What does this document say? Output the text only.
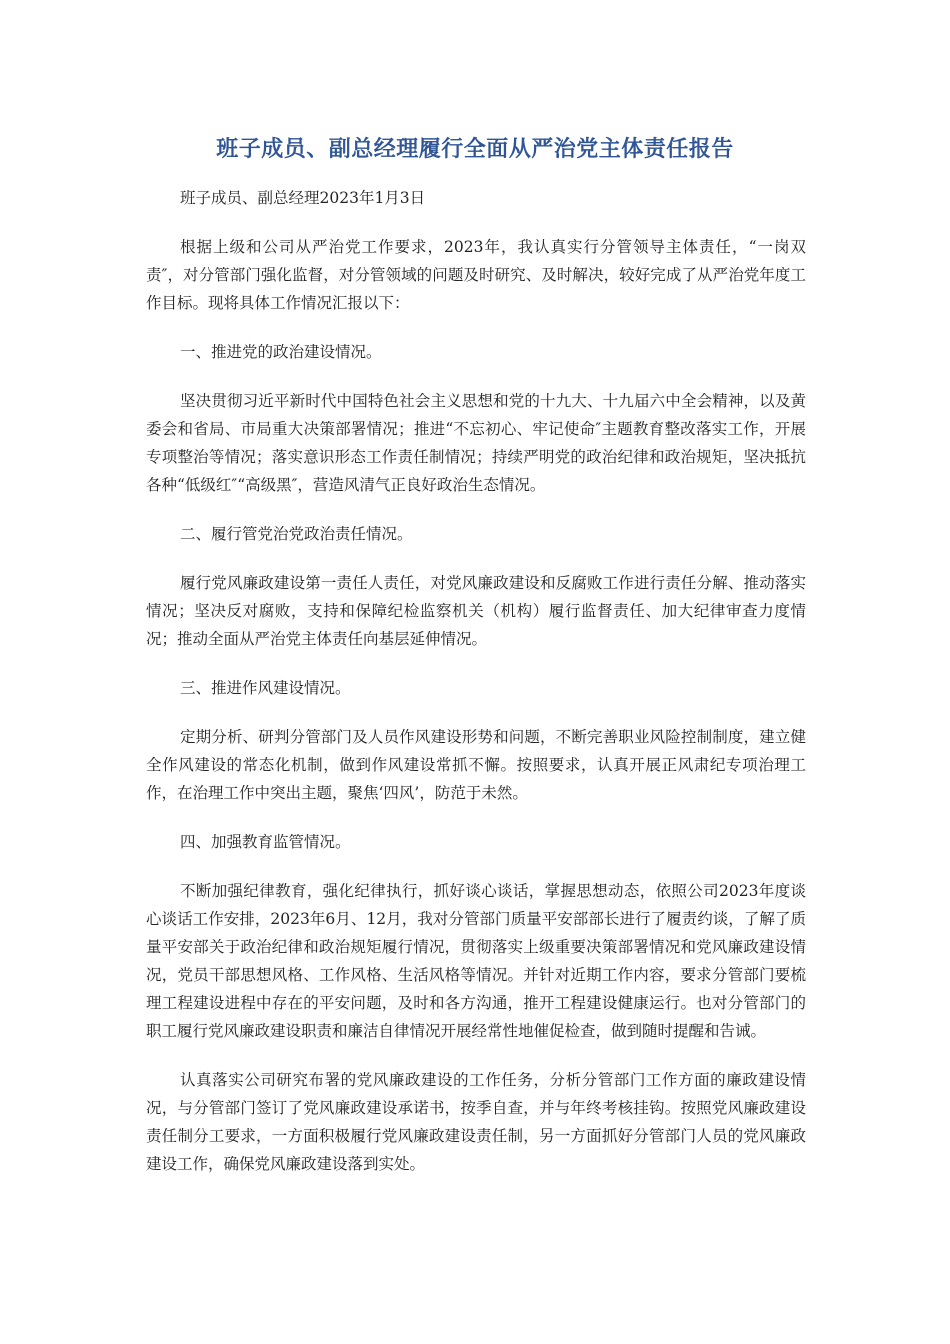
班子成员、副总经理履行全面从严治党主体责任报告

班子成员、副总经理2023年1月3日

根据上级和公司从严治党工作要求，2023年，我认真实行分管领导主体责任，“一岗双责″，对分管部门强化监督，对分管领域的问题及时研究、及时解决，较好完成了从严治党年度工作目标。现将具体工作情况汇报以下：

一、推进党的政治建设情况。

坚决贯彻习近平新时代中国特色社会主义思想和党的十九大、十九届六中全会精神，以及黄委会和省局、市局重大决策部署情况；推进“不忘初心、牢记使命″主题教育整改落实工作，开展专项整治等情况；落实意识形态工作责任制情况；持续严明党的政治纪律和政治规矩，坚决抵抗各种“低级红″“高级黑″，营造风清气正良好政治生态情况。

二、履行管党治党政治责任情况。

履行党风廉政建设第一责任人责任，对党风廉政建设和反腐败工作进行责任分解、推动落实情况；坚决反对腐败，支持和保障纪检监察机关（机构）履行监督责任、加大纪律审查力度情况；推动全面从严治党主体责任向基层延伸情况。

三、推进作风建设情况。

定期分析、研判分管部门及人员作风建设形势和问题，不断完善职业风险控制制度，建立健全作风建设的常态化机制，做到作风建设常抓不懈。按照要求，认真开展正风肃纪专项治理工作，在治理工作中突出主题，聚焦‘四风’，防范于未然。

四、加强教育监管情况。

不断加强纪律教育，强化纪律执行，抓好谈心谈话，掌握思想动态，依照公司2023年度谈心谈话工作安排，2023年6月、12月，我对分管部门质量平安部部长进行了履责约谈，了解了质量平安部关于政治纪律和政治规矩履行情况，贯彻落实上级重要决策部署情况和党风廉政建设情况，党员干部思想风格、工作风格、生活风格等情况。并针对近期工作内容，要求分管部门要梳理工程建设进程中存在的平安问题，及时和各方沟通，推开工程建设健康运行。也对分管部门的职工履行党风廉政建设职责和廉洁自律情况开展经常性地催促检查，做到随时提醒和告诫。

认真落实公司研究布署的党风廉政建设的工作任务，分析分管部门工作方面的廉政建设情况，与分管部门签订了党风廉政建设承诺书，按季自查，并与年终考核挂钩。按照党风廉政建设责任制分工要求，一方面积极履行党风廉政建设责任制，另一方面抓好分管部门人员的党风廉政建设工作，确保党风廉政建设落到实处。
